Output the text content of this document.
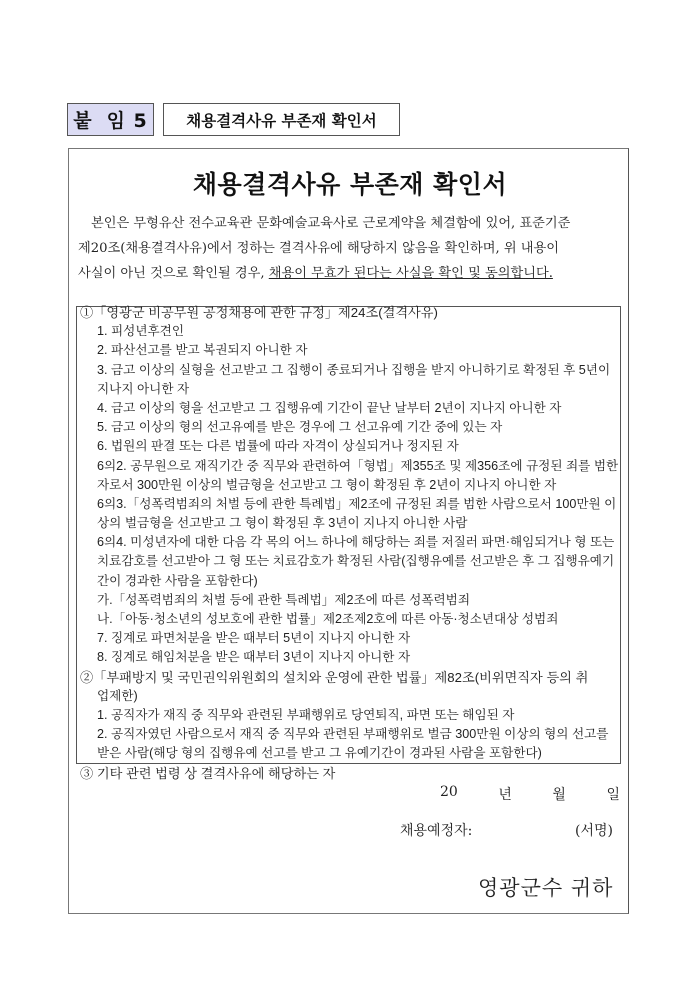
붙 임 5	채용결격사유 부존재 확인서
채용결격사유 부존재 확인서
본인은 무형유산 전수교육관 문화예술교육사로 근로계약을 체결함에 있어, 표준기준
제20조(채용결격사유)에서 정하는 결격사유에 해당하지 않음을 확인하며, 위 내용이
사실이 아닌 것으로 확인될 경우, 채용이 무효가 된다는 사실을 확인 및 동의합니다.
①「영광군 비공무원 공정채용에 관한 규정」제24조(결격사유)
1. 피성년후견인
2. 파산선고를 받고 복권되지 아니한 자
3. 금고 이상의 실형을 선고받고 그 집행이 종료되거나 집행을 받지 아니하기로 확정된 후 5년이
지나지 아니한 자
4. 금고 이상의 형을 선고받고 그 집행유예 기간이 끝난 날부터 2년이 지나지 아니한 자
5. 금고 이상의 형의 선고유예를 받은 경우에 그 선고유예 기간 중에 있는 자
6. 법원의 판결 또는 다른 법률에 따라 자격이 상실되거나 정지된 자
6의2. 공무원으로 재직기간 중 직무와 관련하여「형법」제355조 및 제356조에 규정된 죄를 범한
자로서 300만원 이상의 벌금형을 선고받고 그 형이 확정된 후 2년이 지나지 아니한 자
6의3.「성폭력범죄의 처벌 등에 관한 특례법」제2조에 규정된 죄를 범한 사람으로서 100만원 이
상의 벌금형을 선고받고 그 형이 확정된 후 3년이 지나지 아니한 사람
6의4. 미성년자에 대한 다음 각 목의 어느 하나에 해당하는 죄를 저질러 파면·해임되거나 형 또는
치료감호를 선고받아 그 형 또는 치료감호가 확정된 사람(집행유예를 선고받은 후 그 집행유예기
간이 경과한 사람을 포함한다)
가.「성폭력범죄의 처벌 등에 관한 특례법」제2조에 따른 성폭력범죄
나.「아동·청소년의 성보호에 관한 법률」제2조제2호에 따른 아동·청소년대상 성범죄
7. 징계로 파면처분을 받은 때부터 5년이 지나지 아니한 자
8. 징계로 해임처분을 받은 때부터 3년이 지나지 아니한 자
②「부패방지 및 국민권익위원회의 설치와 운영에 관한 법률」제82조(비위면직자 등의 취
업제한)
1. 공직자가 재직 중 직무와 관련된 부패행위로 당연퇴직, 파면 또는 해임된 자
2. 공직자였던 사람으로서 재직 중 직무와 관련된 부패행위로 벌금 300만원 이상의 형의 선고를
받은 사람(해당 형의 집행유예 선고를 받고 그 유예기간이 경과된 사람을 포함한다)
③ 기타 관련 법령 상 결격사유에 해당하는 자
20	년	월	일
채용예정자:	(서명)
영광군수 귀하
